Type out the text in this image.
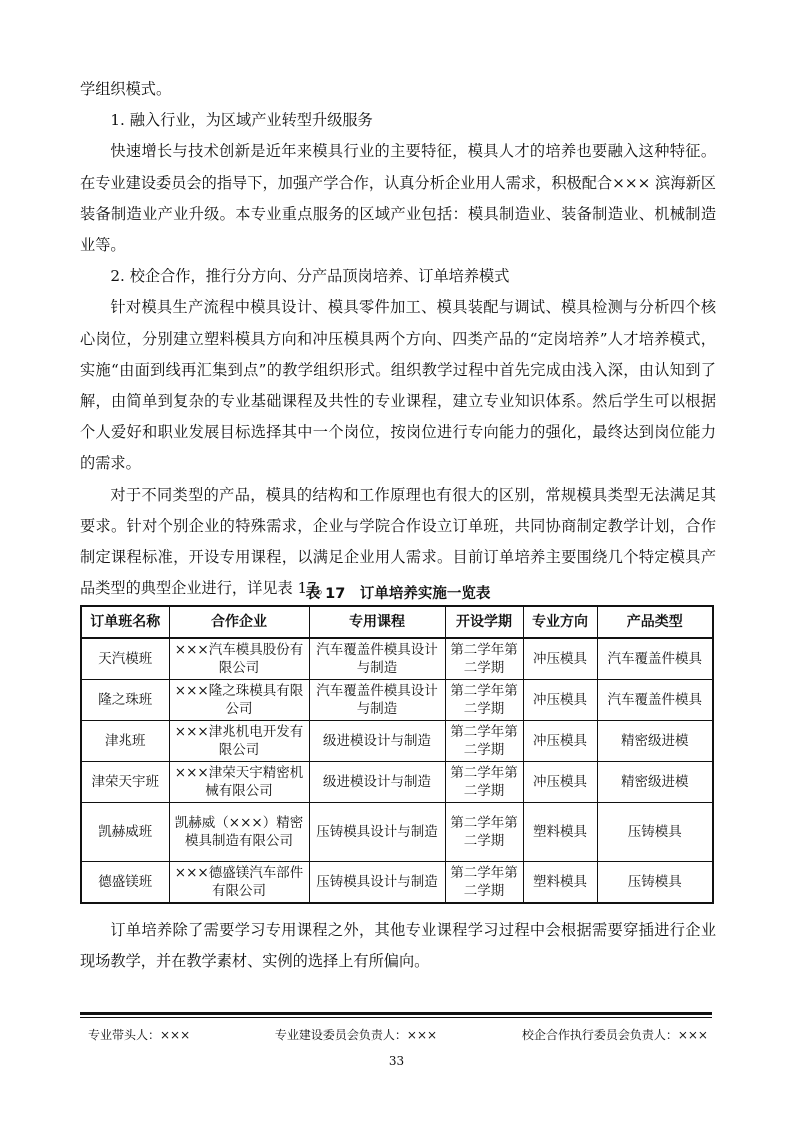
学组织模式。

1. 融入行业，为区域产业转型升级服务

快速增长与技术创新是近年来模具行业的主要特征，模具人才的培养也要融入这种特征。在专业建设委员会的指导下，加强产学合作，认真分析企业用人需求，积极配合××× 滨海新区装备制造业产业升级。本专业重点服务的区域产业包括：模具制造业、装备制造业、机械制造业等。

2. 校企合作，推行分方向、分产品顶岗培养、订单培养模式

针对模具生产流程中模具设计、模具零件加工、模具装配与调试、模具检测与分析四个核心岗位，分别建立塑料模具方向和冲压模具两个方向、四类产品的“定岗培养”人才培养模式，实施“由面到线再汇集到点”的教学组织形式。组织教学过程中首先完成由浅入深，由认知到了解，由简单到复杂的专业基础课程及共性的专业课程，建立专业知识体系。然后学生可以根据个人爱好和职业发展目标选择其中一个岗位，按岗位进行专向能力的强化，最终达到岗位能力的需求。

对于不同类型的产品，模具的结构和工作原理也有很大的区别，常规模具类型无法满足其要求。针对个别企业的特殊需求，企业与学院合作设立订单班，共同协商制定教学计划，合作制定课程标准，开设专用课程，以满足企业用人需求。目前订单培养主要围绕几个特定模具产品类型的典型企业进行，详见表 17。

表 17　订单培养实施一览表
订单班名称	合作企业	专用课程	开设学期	专业方向	产品类型
天汽模班	×××汽车模具股份有限公司	汽车覆盖件模具设计与制造	第二学年第二学期	冲压模具	汽车覆盖件模具
隆之珠班	×××隆之珠模具有限公司	汽车覆盖件模具设计与制造	第二学年第二学期	冲压模具	汽车覆盖件模具
津兆班	×××津兆机电开发有限公司	级进模设计与制造	第二学年第二学期	冲压模具	精密级进模
津荣天宇班	×××津荣天宇精密机械有限公司	级进模设计与制造	第二学年第二学期	冲压模具	精密级进模
凯赫威班	凯赫威（×××）精密模具制造有限公司	压铸模具设计与制造	第二学年第二学期	塑料模具	压铸模具
德盛镁班	×××德盛镁汽车部件有限公司	压铸模具设计与制造	第二学年第二学期	塑料模具	压铸模具

订单培养除了需要学习专用课程之外，其他专业课程学习过程中会根据需要穿插进行企业现场教学，并在教学素材、实例的选择上有所偏向。

专业带头人：×××	专业建设委员会负责人：×××	校企合作执行委员会负责人：×××
33
